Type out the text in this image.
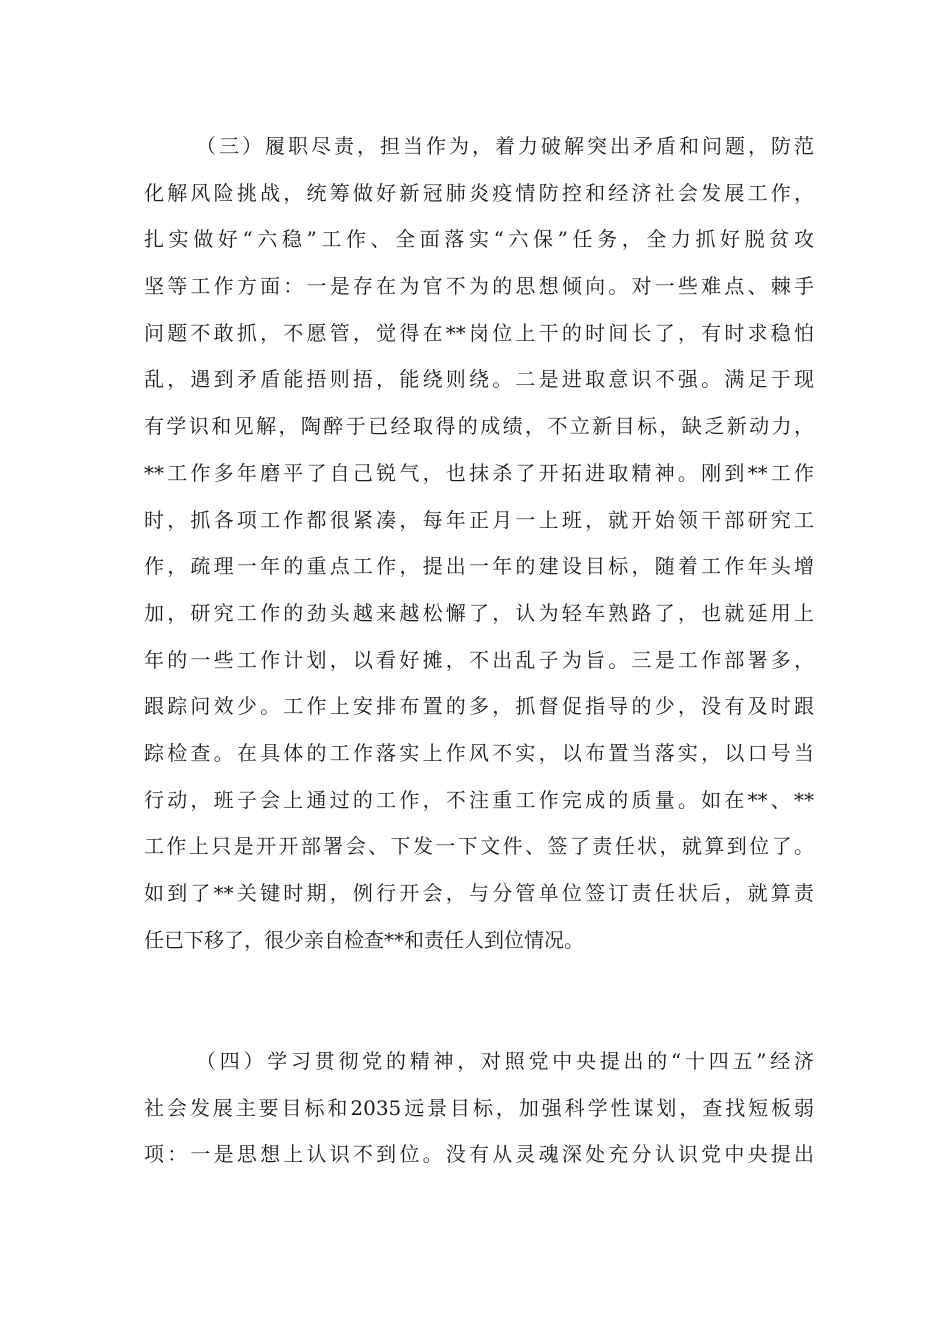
（三）履职尽责，担当作为，着力破解突出矛盾和问题，防范
化解风险挑战，统筹做好新冠肺炎疫情防控和经济社会发展工作，
扎实做好“六稳”工作、全面落实“六保”任务，全力抓好脱贫攻
坚等工作方面：一是存在为官不为的思想倾向。对一些难点、棘手
问题不敢抓，不愿管，觉得在**岗位上干的时间长了，有时求稳怕
乱，遇到矛盾能捂则捂，能绕则绕。二是进取意识不强。满足于现
有学识和见解，陶醉于已经取得的成绩，不立新目标，缺乏新动力，
**工作多年磨平了自己锐气，也抹杀了开拓进取精神。刚到**工作
时，抓各项工作都很紧凑，每年正月一上班，就开始领干部研究工
作，疏理一年的重点工作，提出一年的建设目标，随着工作年头增
加，研究工作的劲头越来越松懈了，认为轻车熟路了，也就延用上
年的一些工作计划，以看好摊，不出乱子为旨。三是工作部署多，
跟踪问效少。工作上安排布置的多，抓督促指导的少，没有及时跟
踪检查。在具体的工作落实上作风不实，以布置当落实，以口号当
行动，班子会上通过的工作，不注重工作完成的质量。如在**、**
工作上只是开开部署会、下发一下文件、签了责任状，就算到位了。
如到了**关键时期，例行开会，与分管单位签订责任状后，就算责
任已下移了，很少亲自检查**和责任人到位情况。
（四）学习贯彻党的精神，对照党中央提出的“十四五”经济
社会发展主要目标和2035远景目标，加强科学性谋划，查找短板弱
项：一是思想上认识不到位。没有从灵魂深处充分认识党中央提出
